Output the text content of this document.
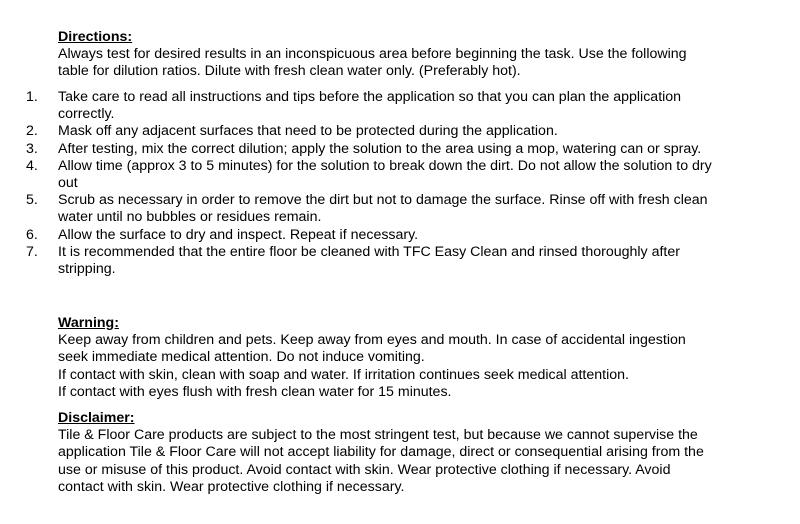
Directions:

Always test for desired results in an inconspicuous area before beginning the task. Use the following

table for dilution ratios. Dilute with fresh clean water only. (Preferably hot).

1. Take care to read all instructions and tips before the application so that you can plan the application

correctly.

2. Mask off any adjacent surfaces that need to be protected during the application.

3. After testing, mix the correct dilution; apply the solution to the area using a mop, watering can or spray.

4. Allow time (approx 3 to 5 minutes) for the solution to break down the dirt. Do not allow the solution to dry

out

5. Scrub as necessary in order to remove the dirt but not to damage the surface. Rinse off with fresh clean

water until no bubbles or residues remain.

6. Allow the surface to dry and inspect. Repeat if necessary.

7. It is recommended that the entire floor be cleaned with TFC Easy Clean and rinsed thoroughly after

stripping.

Warning:

Keep away from children and pets. Keep away from eyes and mouth. In case of accidental ingestion

seek immediate medical attention. Do not induce vomiting.

If contact with skin, clean with soap and water. If irritation continues seek medical attention.

If contact with eyes flush with fresh clean water for 15 minutes.

Disclaimer:

Tile & Floor Care products are subject to the most stringent test, but because we cannot supervise the

application Tile & Floor Care will not accept liability for damage, direct or consequential arising from the

use or misuse of this product. Avoid contact with skin. Wear protective clothing if necessary. Avoid

contact with skin. Wear protective clothing if necessary.
